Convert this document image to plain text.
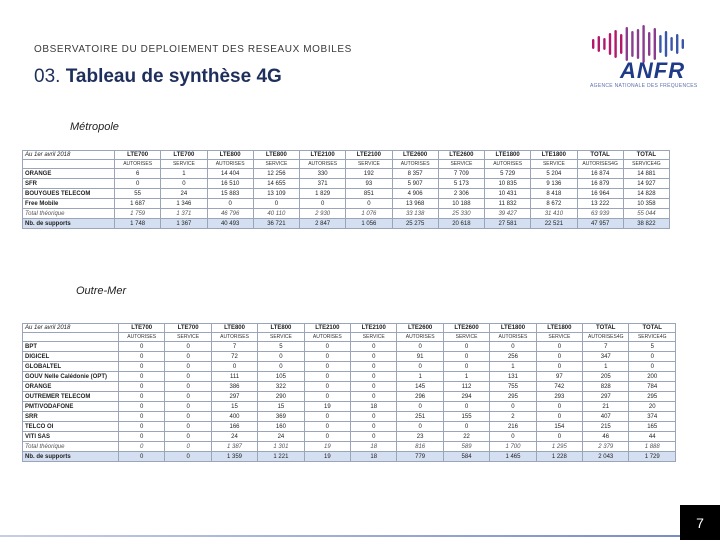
OBSERVATOIRE DU DEPLOIEMENT DES RESEAUX MOBILES
03. Tableau de synthèse 4G	ANFR
AGENCE NATIONALE DES FRÉQUENCES
Métropole
Au 1er avril 2018	LTE700	LTE700	LTE800	LTE800	LTE2100	LTE2100	LTE2600	LTE2600	LTE1800	LTE1800	TOTAL	TOTAL
	AUTORISES	SERVICE	AUTORISES	SERVICE	AUTORISES	SERVICE	AUTORISES	SERVICE	AUTORISES	SERVICE	AUTORISES4G	SERVICE4G
ORANGE	6	1	14 404	12 256	330	192	8 357	7 709	5 729	5 204	16 874	14 881
SFR	0	0	16 510	14 655	371	93	5 907	5 173	10 835	9 136	16 879	14 927
BOUYGUES TELECOM	55	24	15 883	13 109	1 829	851	4 906	2 306	10 431	8 418	16 964	14 828
Free Mobile	1 687	1 346	0	0	0	0	13 968	10 188	11 832	8 672	13 222	10 358
Total théorique	1 759	1 371	46 796	40 110	2 930	1 076	33 138	25 330	39 427	31 410	63 939	55 044
Nb. de supports	1 748	1 367	40 493	36 721	2 847	1 056	25 275	20 618	27 581	22 521	47 957	38 822
Outre-Mer
Au 1er avril 2018	LTE700	LTE700	LTE800	LTE800	LTE2100	LTE2100	LTE2600	LTE2600	LTE1800	LTE1800	TOTAL	TOTAL
	AUTORISES	SERVICE	AUTORISES	SERVICE	AUTORISES	SERVICE	AUTORISES	SERVICE	AUTORISES	SERVICE	AUTORISES4G	SERVICE4G
BPT	0	0	7	5	0	0	0	0	0	0	7	5
DIGICEL	0	0	72	0	0	0	91	0	256	0	347	0
GLOBALTEL	0	0	0	0	0	0	0	0	1	0	1	0
GOUV Nelle Calédonie (OPT)	0	0	111	105	0	0	1	1	131	97	205	200
ORANGE	0	0	386	322	0	0	145	112	755	742	828	784
OUTREMER TELECOM	0	0	297	290	0	0	296	294	295	293	297	295
PMT/VODAFONE	0	0	15	15	19	18	0	0	0	0	21	20
SRR	0	0	400	369	0	0	251	155	2	0	407	374
TELCO OI	0	0	166	160	0	0	0	0	216	154	215	165
VITI SAS	0	0	24	24	0	0	23	22	0	0	46	44
Total théorique	0	0	1 387	1 301	19	18	816	589	1 700	1 295	2 379	1 888
Nb. de supports	0	0	1 359	1 221	19	18	779	584	1 465	1 228	2 043	1 729
7
